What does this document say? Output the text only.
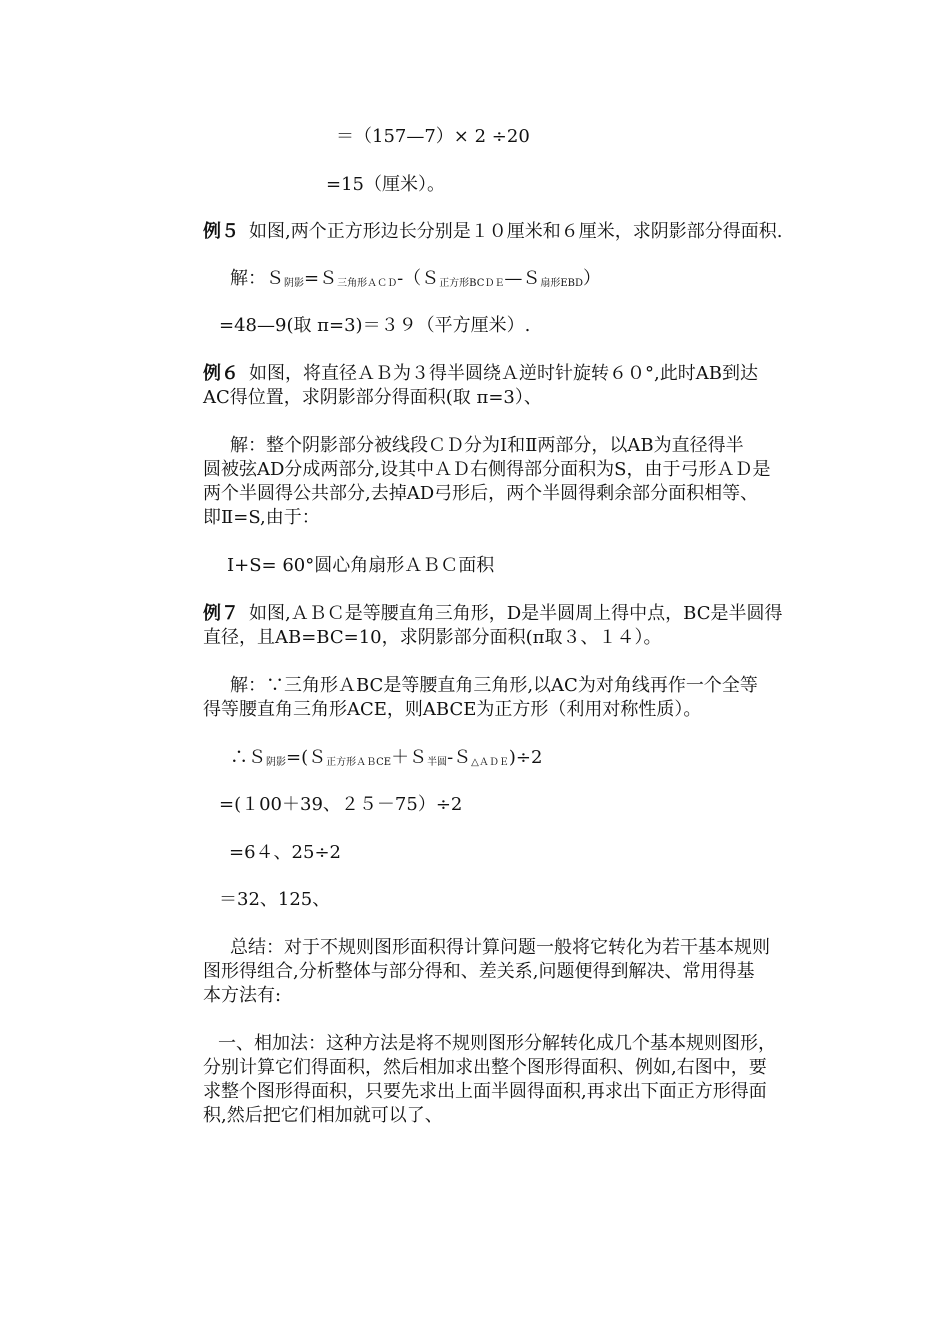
＝（157—7）× 2 ÷20
=15（厘米）。
例５ 如图,两个正方形边长分别是１０厘米和６厘米，求阴影部分得面积.
解：Ｓ$_{阴影}$=Ｓ$_{三角形ACD}$-（Ｓ$_{正方形BCDE}$—Ｓ$_{扇形EBD}$）
=48—9(取 π=3)＝３９（平方厘米）.
例６ 如图，将直径ＡＢ为３得半圆绕Ａ逆时针旋转６０°,此时AB到达
AC得位置，求阴影部分得面积(取 π=3）、
解：整个阴影部分被线段ＣＤ分为Ⅰ和Ⅱ两部分，以AB为直径得半
圆被弦AD分成两部分,设其中ＡＤ右侧得部分面积为S，由于弓形ＡＤ是
两个半圆得公共部分,去掉AD弓形后，两个半圆得剩余部分面积相等、
即Ⅱ=S,由于：
Ⅰ+S= 60°圆心角扇形ＡＢＣ面积
例７ 如图,ＡＢＣ是等腰直角三角形，D是半圆周上得中点，BC是半圆得
直径，且AB=BC=10，求阴影部分面积(π取３、１４）。
解：∵三角形ＡBC是等腰直角三角形,以AC为对角线再作一个全等
得等腰直角三角形ACE，则ABCE为正方形（利用对称性质）。
∴Ｓ$_{阴影}$=(Ｓ$_{正方形ABCE}$＋Ｓ$_{半圆}$-Ｓ$_{\triangle ADE}$)÷2
=(１00＋39、２５－75）÷2
=6４、25÷2
＝32、125、
总结：对于不规则图形面积得计算问题一般将它转化为若干基本规则
图形得组合,分析整体与部分得和、差关系,问题便得到解决、常用得基
本方法有:
一、相加法：这种方法是将不规则图形分解转化成几个基本规则图形，
分别计算它们得面积，然后相加求出整个图形得面积、例如,右图中，要
求整个图形得面积，只要先求出上面半圆得面积,再求出下面正方形得面
积,然后把它们相加就可以了、
